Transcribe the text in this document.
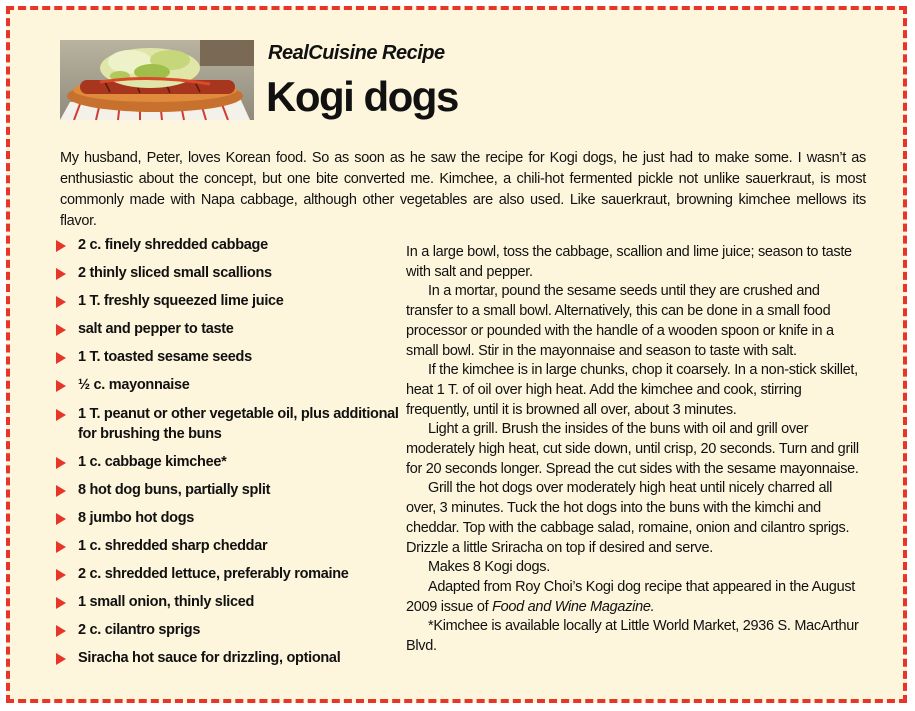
RealCuisine Recipe
Kogi dogs
My husband, Peter, loves Korean food. So as soon as he saw the recipe for Kogi dogs, he just had to make some. I wasn’t as enthusiastic about the concept, but one bite converted me. Kimchee, a chili-hot fermented pickle not unlike sauerkraut, is most commonly made with Napa cabbage, although other vegetables are also used. Like sauerkraut, browning kimchee mellows its flavor.
2 c. finely shredded cabbage
2 thinly sliced small scallions
1 T. freshly squeezed lime juice
salt and pepper to taste
1 T. toasted sesame seeds
½ c. mayonnaise
1 T. peanut or other vegetable oil, plus additional for brushing the buns
1 c. cabbage kimchee*
8 hot dog buns, partially split
8 jumbo hot dogs
1 c. shredded sharp cheddar
2 c. shredded lettuce, preferably romaine
1 small onion, thinly sliced
2 c. cilantro sprigs
Siracha hot sauce for drizzling, optional

In a large bowl, toss the cabbage, scallion and lime juice; season to taste with salt and pepper.

In a mortar, pound the sesame seeds until they are crushed and transfer to a small bowl. Alternatively, this can be done in a small food processor or pounded with the handle of a wooden spoon or knife in a small bowl. Stir in the mayonnaise and season to taste with salt.

If the kimchee is in large chunks, chop it coarsely. In a non-stick skillet, heat 1 T. of oil over high heat. Add the kimchee and cook, stirring frequently, until it is browned all over, about 3 minutes.

Light a grill. Brush the insides of the buns with oil and grill over moderately high heat, cut side down, until crisp, 20 seconds. Turn and grill for 20 seconds longer. Spread the cut sides with the sesame mayonnaise.

Grill the hot dogs over moderately high heat until nicely charred all over, 3 minutes. Tuck the hot dogs into the buns with the kimchi and cheddar. Top with the cabbage salad, romaine, onion and cilantro sprigs. Drizzle a little Sriracha on top if desired and serve.

Makes 8 Kogi dogs.

Adapted from Roy Choi’s Kogi dog recipe that appeared in the August 2009 issue of Food and Wine Magazine.

*Kimchee is available locally at Little World Market, 2936 S. MacArthur Blvd.
